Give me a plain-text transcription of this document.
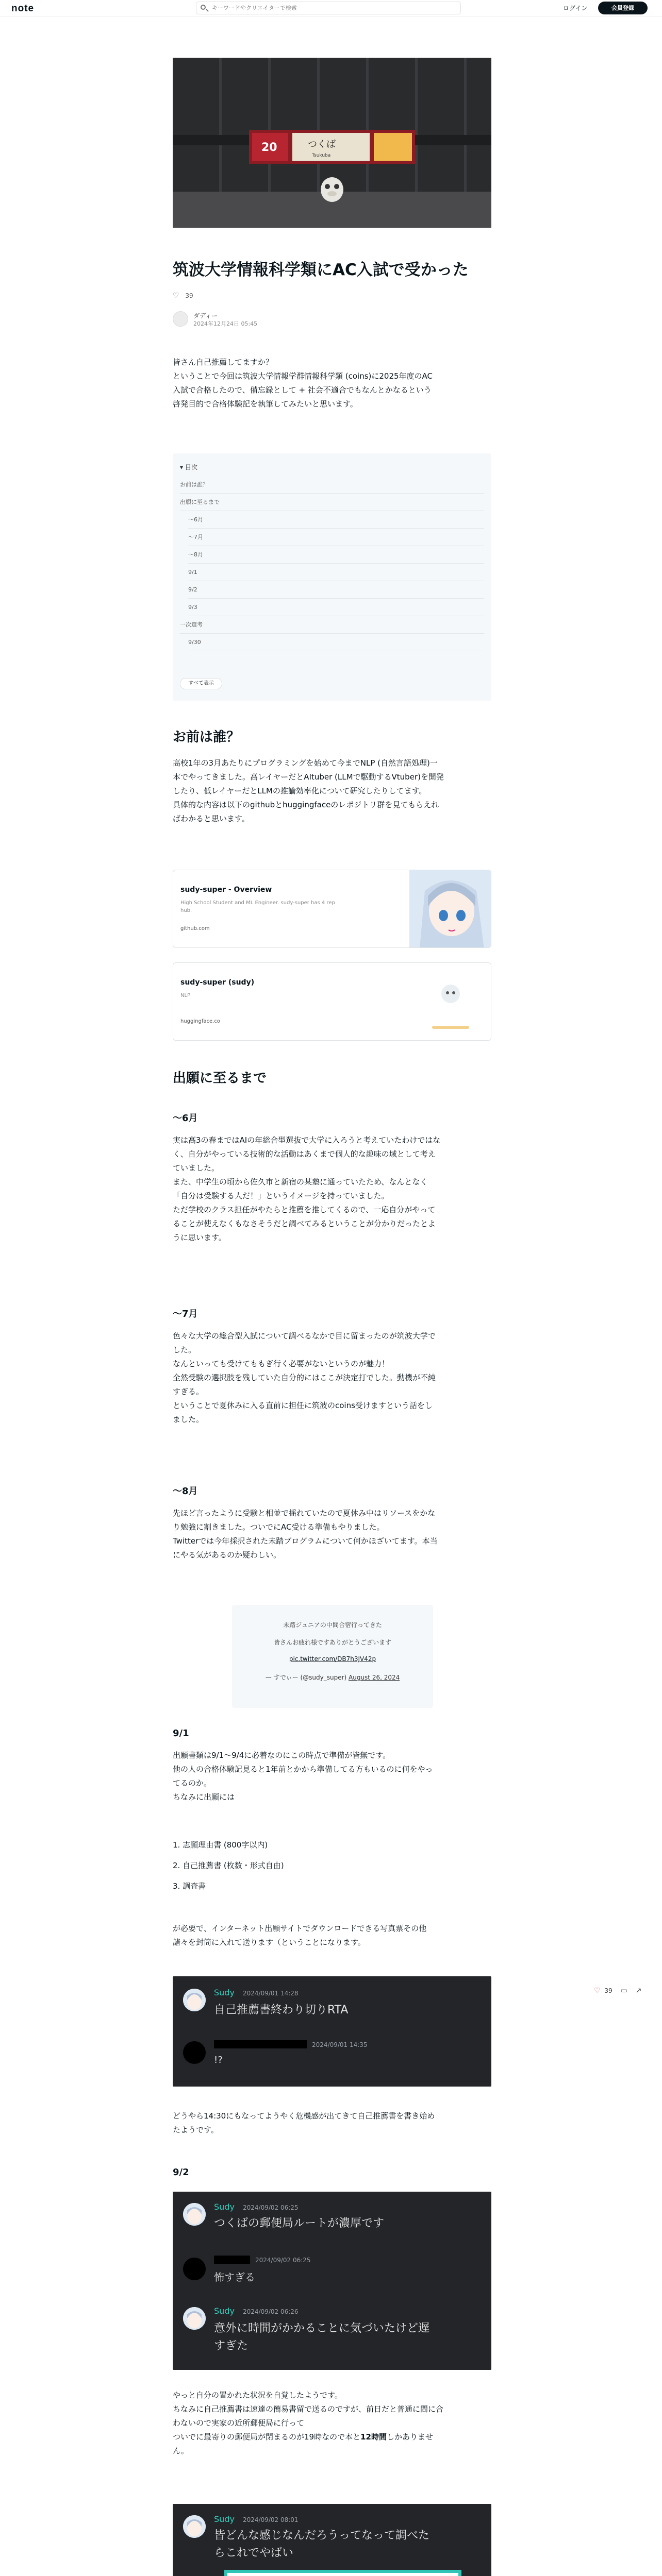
note
キーワードやクリエイターで検索	ログイン	会員登録
20	つくば
Tsukuba
筑波大学情報科学類にAC入試で受かった
♡ 39
ダディー
2024年12月24日 05:45
皆さん自己推薦してますか？
ということで今回は筑波大学情報学群情報科学類 (coins)に2025年度のAC
入試で合格したので、備忘録として + 社会不適合でもなんとかなるという
啓発目的で合格体験記を執筆してみたいと思います。
▾ 目次
お前は誰？
出願に至るまで
〜6月
〜7月
〜8月
9/1
9/2
9/3
一次選考
9/30
すべて表示
お前は誰？
高校1年の3月あたりにプログラミングを始めて今までNLP (自然言語処理)一
本でやってきました。高レイヤーだとAItuber (LLMで駆動するVtuber)を開発
したり、低レイヤーだとLLMの推論効率化について研究したりしてます。
具体的な内容は以下のgithubとhuggingfaceのレポジトリ群を見てもらえれ
ばわかると思います。
sudy-super - Overview
High School Student and ML Engineer. sudy-super has 4 rep
hub.
github.com
sudy-super (sudy)
NLP
huggingface.co
出願に至るまで
〜6月
実は高3の春まではAIの年総合型選抜で大学に入ろうと考えていたわけではな
く、自分がやっている技術的な活動はあくまで個人的な趣味の域として考え
ていました。
また、中学生の頃から佐久市と新宿の某塾に通っていたため、なんとなく
「自分は受験する人だ！」というイメージを持っていました。
ただ学校のクラス担任がやたらと推薦を推してくるので、一応自分がやって
ることが使えなくもなさそうだと調べてみるということが分かりだったとよ
うに思います。
〜7月
色々な大学の総合型入試について調べるなかで目に留まったのが筑波大学で
した。
なんといっても受けてももぎ行く必要がないというのが魅力！
全然受験の選択肢を残していた自分的にはここが決定打でした。動機が不純
すぎる。
ということで夏休みに入る直前に担任に筑波のcoins受けますという話をし
ました。
〜8月
先ほど言ったように受験と相並で揺れていたので夏休み中はリソースをかな
り勉強に割きました。ついでにAC受ける準備もやりました。
Twitterでは今年採択された未踏プログラムについて何かほざいてます。本当
にやる気があるのか疑わしい。
未踏ジュニアの中間合宿行ってきた
皆さんお疲れ様ですありがとうございます
pic.twitter.com/DB7h3JV42p
— すでぃー (@sudy_super) August 26, 2024
9/1
出願書類は9/1〜9/4に必着なのにこの時点で準備が皆無です。
他の人の合格体験記見ると1年前とかから準備してる方もいるのに何をやっ
てるのか。
ちなみに出願には
1. 志願理由書 (800字以内)
2. 自己推薦書 (枚数・形式自由)
3. 調査書
が必要で、インターネット出願サイトでダウンロードできる写真票その他
諸々を封筒に入れて送ります（ということになります。
Sudy 2024/09/01 14:28
自己推薦書終わり切りRTA
2024/09/01 14:35
!?
どうやら14:30にもなってようやく危機感が出てきて自己推薦書を書き始め
たようです。
9/2
Sudy 2024/09/02 06:25
つくばの郵便局ルートが濃厚です
2024/09/02 06:25
怖すぎる
Sudy 2024/09/02 06:26
意外に時間がかかることに気づいたけど遅
すぎた
やっと自分の置かれた状況を自覚したようです。
ちなみに自己推薦書は速達の簡易書留で送るのですが、前日だと普通に間に合
わないので実家の近所郵便局に行って
ついでに最寄りの郵便局が閉まるのが19時なので本と12時間しかありませ
ん。
Sudy 2024/09/02 08:01
皆どんな感じなんだろうってなって調べた
らこれでやばい
♡ 39 ▭ ↗
